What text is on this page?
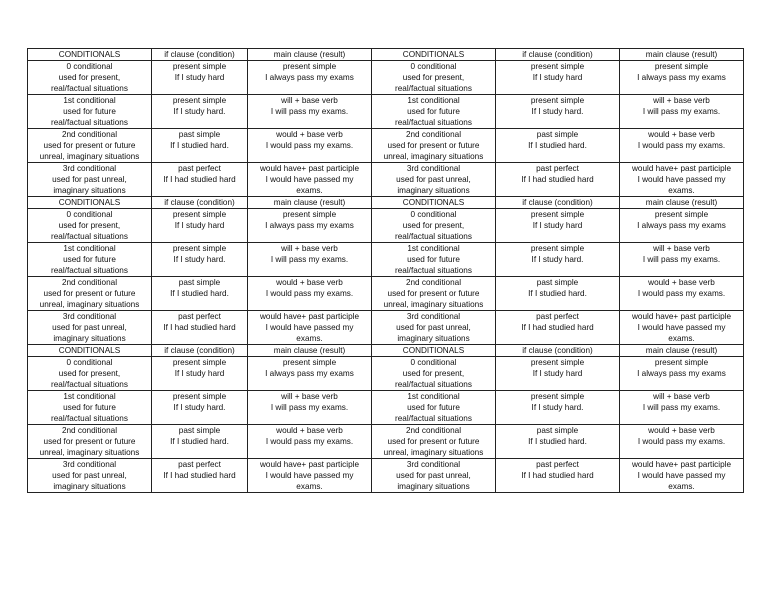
CONDITIONALS	if clause (condition)	main clause (result)	CONDITIONALS	if clause (condition)	main clause (result)

0 conditional
used for present,
real/factual situations	present simple
If I study hard	present simple
I always pass my exams	0 conditional
used for present,
real/factual situations	present simple
If I study hard	present simple
I always pass my exams

1st conditional
used for future
real/factual situations	present simple
If I study hard.	will + base verb
I will pass my exams.	1st conditional
used for future
real/factual situations	present simple
If I study hard.	will + base verb
I will pass my exams.

2nd conditional
used for present or future
unreal, imaginary situations	past simple
If I studied hard.	would + base verb
I would pass my exams.	2nd conditional
used for present or future
unreal, imaginary situations	past simple
If I studied hard.	would + base verb
I would pass my exams.

3rd conditional
used for past unreal,
imaginary situations	past perfect
If I had studied hard	would have+ past participle
I would have passed my
exams.	3rd conditional
used for past unreal,
imaginary situations	past perfect
If I had studied hard	would have+ past participle
I would have passed my
exams.

CONDITIONALS	if clause (condition)	main clause (result)	CONDITIONALS	if clause (condition)	main clause (result)

0 conditional
used for present,
real/factual situations	present simple
If I study hard	present simple
I always pass my exams	0 conditional
used for present,
real/factual situations	present simple
If I study hard	present simple
I always pass my exams

1st conditional
used for future
real/factual situations	present simple
If I study hard.	will + base verb
I will pass my exams.	1st conditional
used for future
real/factual situations	present simple
If I study hard.	will + base verb
I will pass my exams.

2nd conditional
used for present or future
unreal, imaginary situations	past simple
If I studied hard.	would + base verb
I would pass my exams.	2nd conditional
used for present or future
unreal, imaginary situations	past simple
If I studied hard.	would + base verb
I would pass my exams.

3rd conditional
used for past unreal,
imaginary situations	past perfect
If I had studied hard	would have+ past participle
I would have passed my
exams.	3rd conditional
used for past unreal,
imaginary situations	past perfect
If I had studied hard	would have+ past participle
I would have passed my
exams.

CONDITIONALS	if clause (condition)	main clause (result)	CONDITIONALS	if clause (condition)	main clause (result)

0 conditional
used for present,
real/factual situations	present simple
If I study hard	present simple
I always pass my exams	0 conditional
used for present,
real/factual situations	present simple
If I study hard	present simple
I always pass my exams

1st conditional
used for future
real/factual situations	present simple
If I study hard.	will + base verb
I will pass my exams.	1st conditional
used for future
real/factual situations	present simple
If I study hard.	will + base verb
I will pass my exams.

2nd conditional
used for present or future
unreal, imaginary situations	past simple
If I studied hard.	would + base verb
I would pass my exams.	2nd conditional
used for present or future
unreal, imaginary situations	past simple
If I studied hard.	would + base verb
I would pass my exams.

3rd conditional
used for past unreal,
imaginary situations	past perfect
If I had studied hard	would have+ past participle
I would have passed my
exams.	3rd conditional
used for past unreal,
imaginary situations	past perfect
If I had studied hard	would have+ past participle
I would have passed my
exams.
